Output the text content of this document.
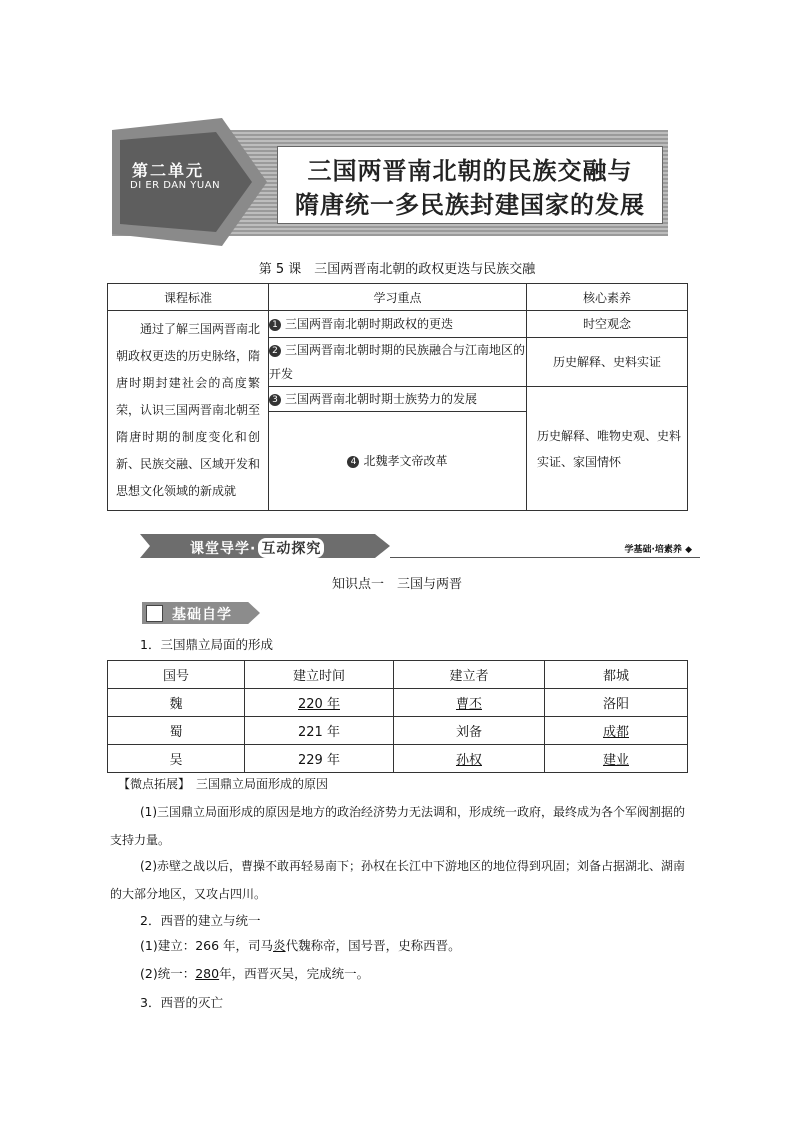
第二单元
DI ER DAN YUAN
三国两晋南北朝的民族交融与
隋唐统一多民族封建国家的发展
第 5 课　三国两晋南北朝的政权更迭与民族交融
课程标准	学习重点	核心素养

通过了解三国两晋南北朝政权更迭的历史脉络，隋唐时期封建社会的高度繁荣，认识三国两晋南北朝至隋唐时期的制度变化和创新、民族交融、区域开发和思想文化领域的新成就	1 三国两晋南北朝时期政权的更迭	时空观念
	2 三国两晋南北朝时期的民族融合与江南地区的开发	历史解释、史料实证
	3 三国两晋南北朝时期士族势力的发展	历史解释、唯物史观、史料实证、家国情怀
	4 北魏孝文帝改革	
课堂导学· 互动探究	学基础·培素养 ◆
知识点一　三国与两晋
基础自学
1．三国鼎立局面的形成
国号	建立时间	建立者	都城
魏	220 年	曹丕	洛阳
蜀	221 年	刘备	成都
吴	229 年	孙权	建业
【微点拓展】　三国鼎立局面形成的原因
(1)三国鼎立局面形成的原因是地方的政治经济势力无法调和，形成统一政府，最终成为各个军阀割据的支持力量。
(2)赤壁之战以后，曹操不敢再轻易南下；孙权在长江中下游地区的地位得到巩固；刘备占据湖北、湖南的大部分地区，又攻占四川。
2．西晋的建立与统一
(1)建立：266 年，司马炎代魏称帝，国号晋，史称西晋。
(2)统一：280年，西晋灭吴，完成统一。
3．西晋的灭亡
